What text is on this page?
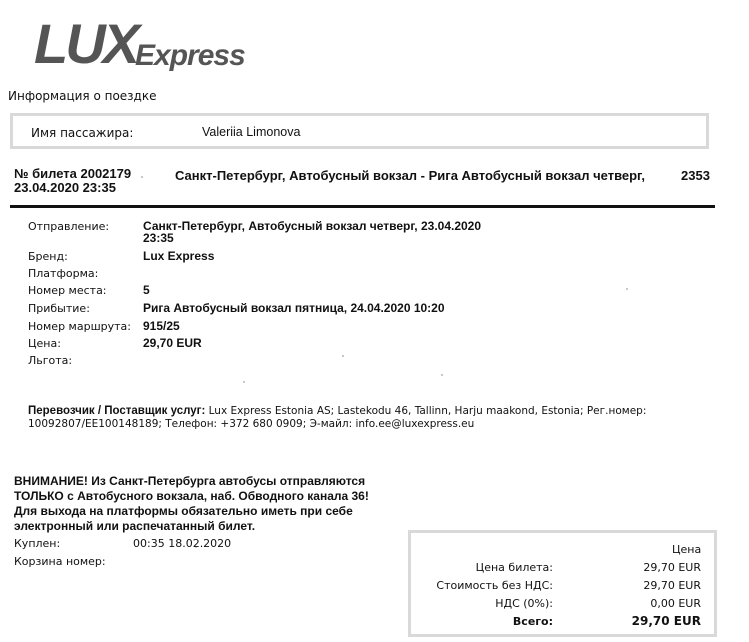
LUX
Express
Информация о поездке
Имя пассажира:	Valeriia Limonova
№ билета 2002179
23.04.2020 23:35
Санкт-Петербург, Автобусный вокзал - Рига Автобусный вокзал четверг,	2353
Отправление:	Санкт-Петербург, Автобусный вокзал четверг, 23.04.2020
23:35
Бренд:	Lux Express
Платформа:
Номер места:	5
Прибытие:	Рига Автобусный вокзал пятница, 24.04.2020 10:20
Номер маршрута: 915/25
Цена:	29,70 EUR
Льгота:
Перевозчик / Поставщик услуг: Lux Express Estonia AS; Lastekodu 46, Tallinn, Harju maakond, Estonia; Рег.номер: 10092807/EE100148189; Телефон: +372 680 0909; Э-майл: info.ee@luxexpress.eu
ВНИМАНИЕ! Из Санкт-Петербурга автобусы отправляются
ТОЛЬКО с Автобусного вокзала, наб. Обводного канала 36!
Для выхода на платформы обязательно иметь при себе
электронный или распечатанный билет.
Куплен:	00:35 18.02.2020
Корзина номер:
Цена
Цена билета:	29,70 EUR
Стоимость без НДС:	29,70 EUR
НДС (0%):	0,00 EUR
Всего:	29,70 EUR
